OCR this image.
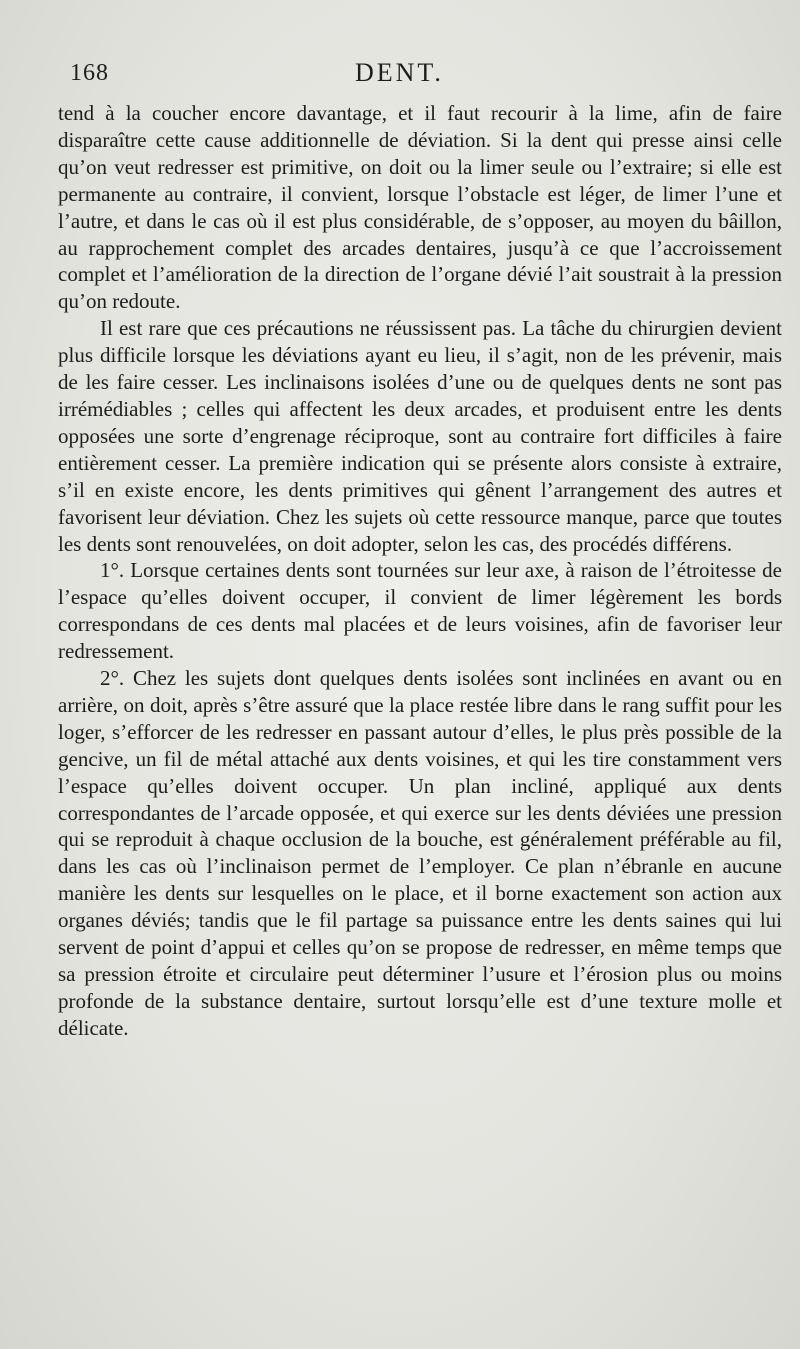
168	DENT.

tend à la coucher encore davantage, et il faut recourir à la lime, afin de faire disparaître cette cause additionnelle de déviation. Si la dent qui presse ainsi celle qu’on veut redresser est primitive, on doit ou la limer seule ou l’extraire; si elle est permanente au contraire, il convient, lorsque l’obstacle est léger, de limer l’une et l’autre, et dans le cas où il est plus considérable, de s’opposer, au moyen du bâillon, au rapprochement complet des arcades dentaires, jusqu’à ce que l’accroissement complet et l’amélioration de la direction de l’organe dévié l’ait soustrait à la pression qu’on redoute.

Il est rare que ces précautions ne réussissent pas. La tâche du chirurgien devient plus difficile lorsque les déviations ayant eu lieu, il s’agit, non de les prévenir, mais de les faire cesser. Les inclinaisons isolées d’une ou de quelques dents ne sont pas irrémédiables ; celles qui affectent les deux arcades, et produisent entre les dents opposées une sorte d’engrenage réciproque, sont au contraire fort difficiles à faire entièrement cesser. La première indication qui se présente alors consiste à extraire, s’il en existe encore, les dents primitives qui gênent l’arrangement des autres et favorisent leur déviation. Chez les sujets où cette ressource manque, parce que toutes les dents sont renouvelées, on doit adopter, selon les cas, des procédés différens.

1°. Lorsque certaines dents sont tournées sur leur axe, à raison de l’étroitesse de l’espace qu’elles doivent occuper, il convient de limer légèrement les bords correspondans de ces dents mal placées et de leurs voisines, afin de favoriser leur redressement.

2°. Chez les sujets dont quelques dents isolées sont inclinées en avant ou en arrière, on doit, après s’être assuré que la place restée libre dans le rang suffit pour les loger, s’efforcer de les redresser en passant autour d’elles, le plus près possible de la gencive, un fil de métal attaché aux dents voisines, et qui les tire constamment vers l’espace qu’elles doivent occuper. Un plan incliné, appliqué aux dents correspondantes de l’arcade opposée, et qui exerce sur les dents déviées une pression qui se reproduit à chaque occlusion de la bouche, est généralement préférable au fil, dans les cas où l’inclinaison permet de l’employer. Ce plan n’ébranle en aucune manière les dents sur lesquelles on le place, et il borne exactement son action aux organes déviés; tandis que le fil partage sa puissance entre les dents saines qui lui servent de point d’appui et celles qu’on se propose de redresser, en même temps que sa pression étroite et circulaire peut déterminer l’usure et l’érosion plus ou moins profonde de la substance dentaire, surtout lorsqu’elle est d’une texture molle et délicate.
